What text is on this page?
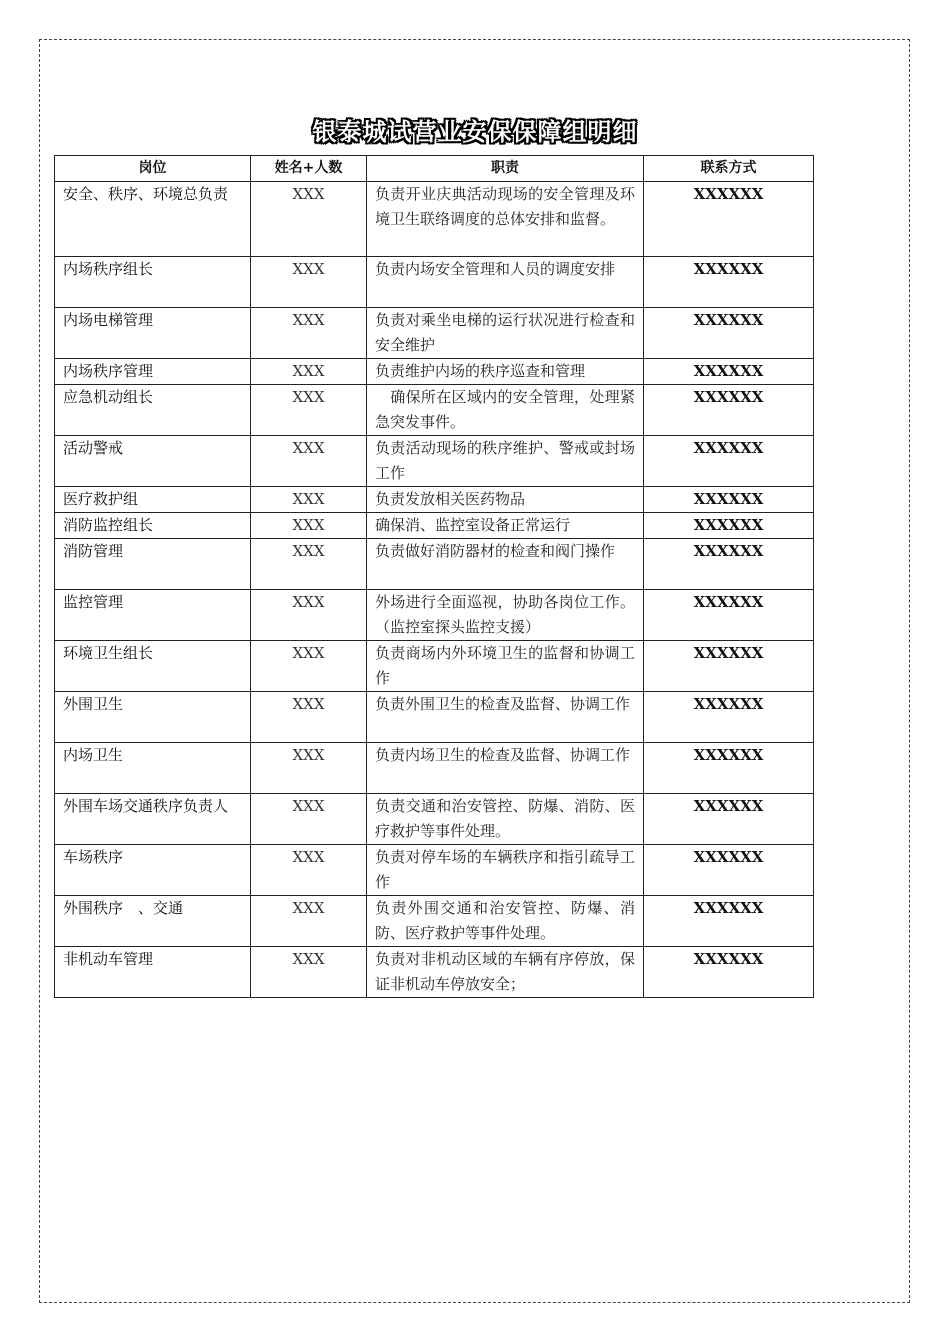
银泰城试营业安保保障组明细
岗位	姓名+人数	职责	联系方式
安全、秩序、环境总负责	XXX	负责开业庆典活动现场的安全管理及环境卫生联络调度的总体安排和监督。	XXXXXX
内场秩序组长	XXX	负责内场安全管理和人员的调度安排	XXXXXX
内场电梯管理	XXX	负责对乘坐电梯的运行状况进行检查和安全维护	XXXXXX
内场秩序管理	XXX	负责维护内场的秩序巡查和管理	XXXXXX
应急机动组长	XXX	　确保所在区域内的安全管理，处理紧急突发事件。	XXXXXX
活动警戒	XXX	负责活动现场的秩序维护、警戒或封场工作	XXXXXX
医疗救护组	XXX	负责发放相关医药物品	XXXXXX
消防监控组长	XXX	确保消、监控室设备正常运行	XXXXXX
消防管理	XXX	负责做好消防器材的检查和阀门操作	XXXXXX
监控管理	XXX	外场进行全面巡视，协助各岗位工作。（监控室探头监控支援）	XXXXXX
环境卫生组长	XXX	负责商场内外环境卫生的监督和协调工作	XXXXXX
外围卫生	XXX	负责外围卫生的检查及监督、协调工作	XXXXXX
内场卫生	XXX	负责内场卫生的检查及监督、协调工作	XXXXXX
外围车场交通秩序负责人	XXX	负责交通和治安管控、防爆、消防、医疗救护等事件处理。	XXXXXX
车场秩序	XXX	负责对停车场的车辆秩序和指引疏导工作	XXXXXX
外围秩序　、交通	XXX	负责外围交通和治安管控、防爆、消防、医疗救护等事件处理。	XXXXXX
非机动车管理	XXX	负责对非机动区域的车辆有序停放，保证非机动车停放安全；	XXXXXX
